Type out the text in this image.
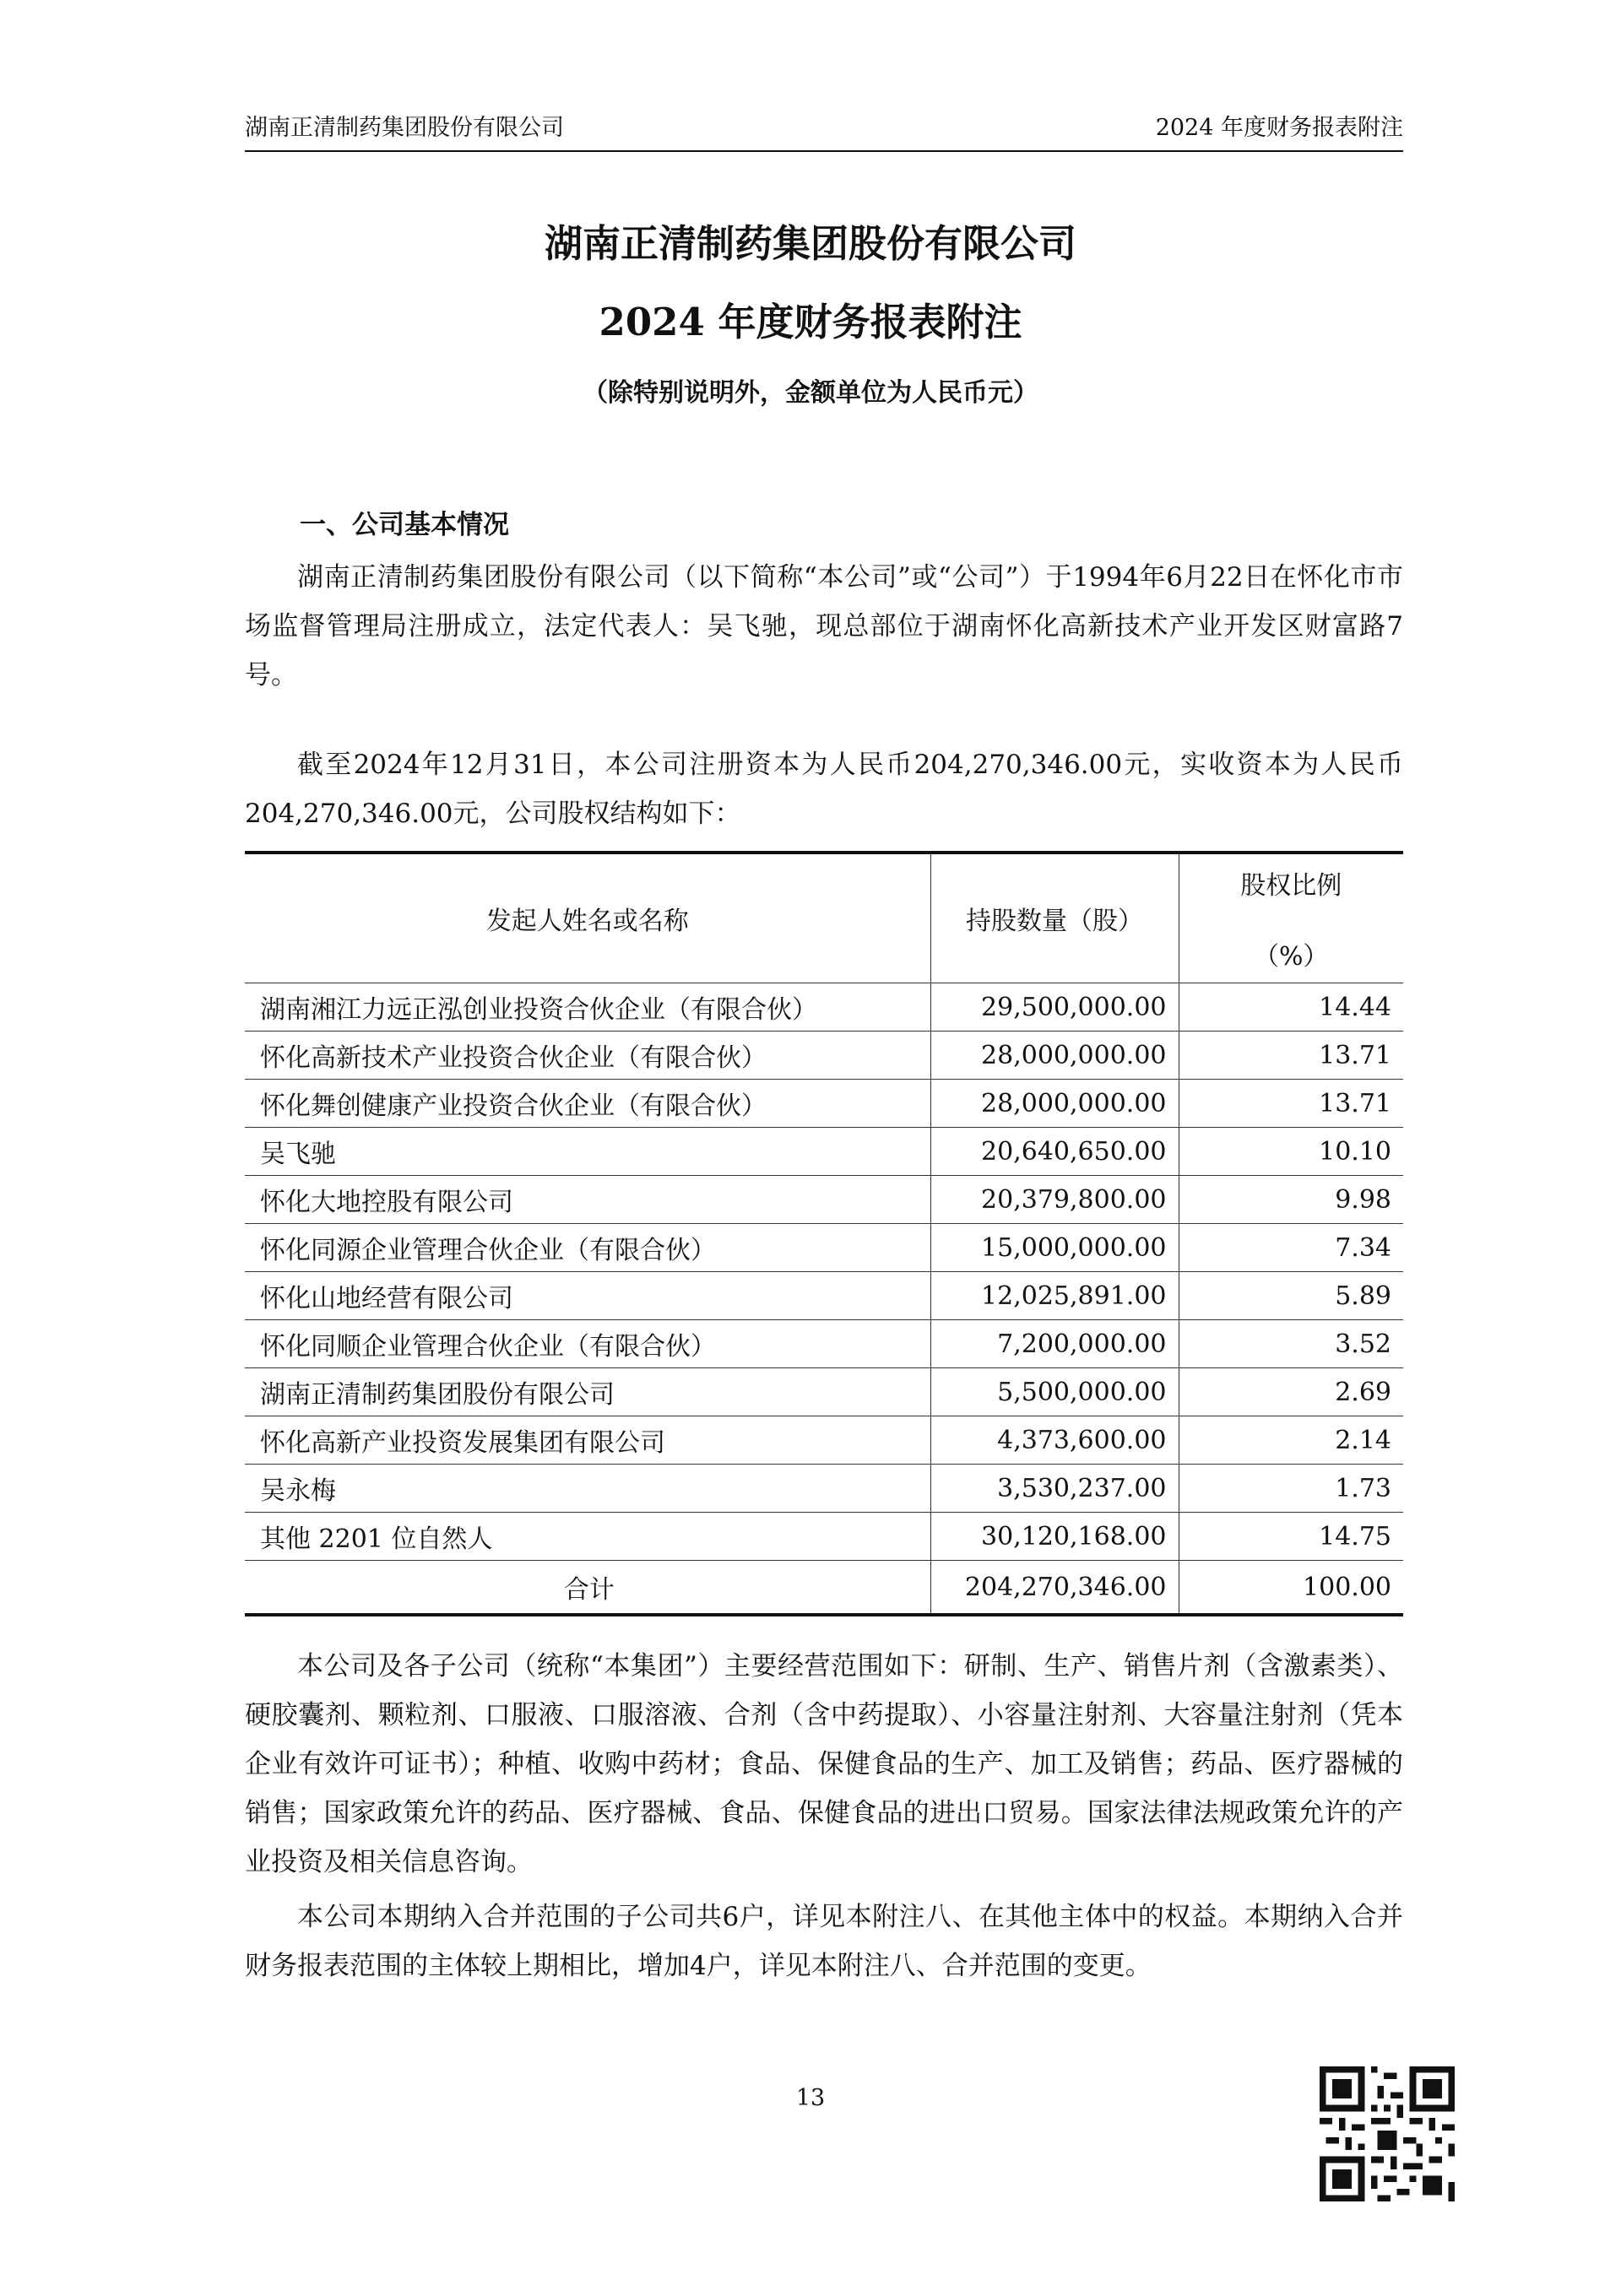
湖南正清制药集团股份有限公司	2024 年度财务报表附注
湖南正清制药集团股份有限公司
2024 年度财务报表附注
（除特别说明外，金额单位为人民币元）
一、公司基本情况

湖南正清制药集团股份有限公司（以下简称“本公司”或“公司”）于1994年6月22日在怀化市市场监督管理局注册成立，法定代表人：吴飞驰，现总部位于湖南怀化高新技术产业开发区财富路7号。

截至2024年12月31日，本公司注册资本为人民币204,270,346.00元，实收资本为人民币204,270,346.00元，公司股权结构如下：

发起人姓名或名称	持股数量（股）	股权比例
（%）

湖南湘江力远正泓创业投资合伙企业（有限合伙）	29,500,000.00	14.44
怀化高新技术产业投资合伙企业（有限合伙）	28,000,000.00	13.71
怀化舞创健康产业投资合伙企业（有限合伙）	28,000,000.00	13.71
吴飞驰	20,640,650.00	10.10
怀化大地控股有限公司	20,379,800.00	9.98
怀化同源企业管理合伙企业（有限合伙）	15,000,000.00	7.34
怀化山地经营有限公司	12,025,891.00	5.89
怀化同顺企业管理合伙企业（有限合伙）	7,200,000.00	3.52
湖南正清制药集团股份有限公司	5,500,000.00	2.69
怀化高新产业投资发展集团有限公司	4,373,600.00	2.14
吴永梅	3,530,237.00	1.73
其他 2201 位自然人	30,120,168.00	14.75
合计	204,270,346.00	100.00

本公司及各子公司（统称“本集团”）主要经营范围如下：研制、生产、销售片剂（含激素类）、硬胶囊剂、颗粒剂、口服液、口服溶液、合剂（含中药提取）、小容量注射剂、大容量注射剂（凭本企业有效许可证书）；种植、收购中药材；食品、保健食品的生产、加工及销售；药品、医疗器械的销售；国家政策允许的药品、医疗器械、食品、保健食品的进出口贸易。国家法律法规政策允许的产业投资及相关信息咨询。

本公司本期纳入合并范围的子公司共6户，详见本附注八、在其他主体中的权益。本期纳入合并财务报表范围的主体较上期相比，增加4户，详见本附注八、合并范围的变更。

13
